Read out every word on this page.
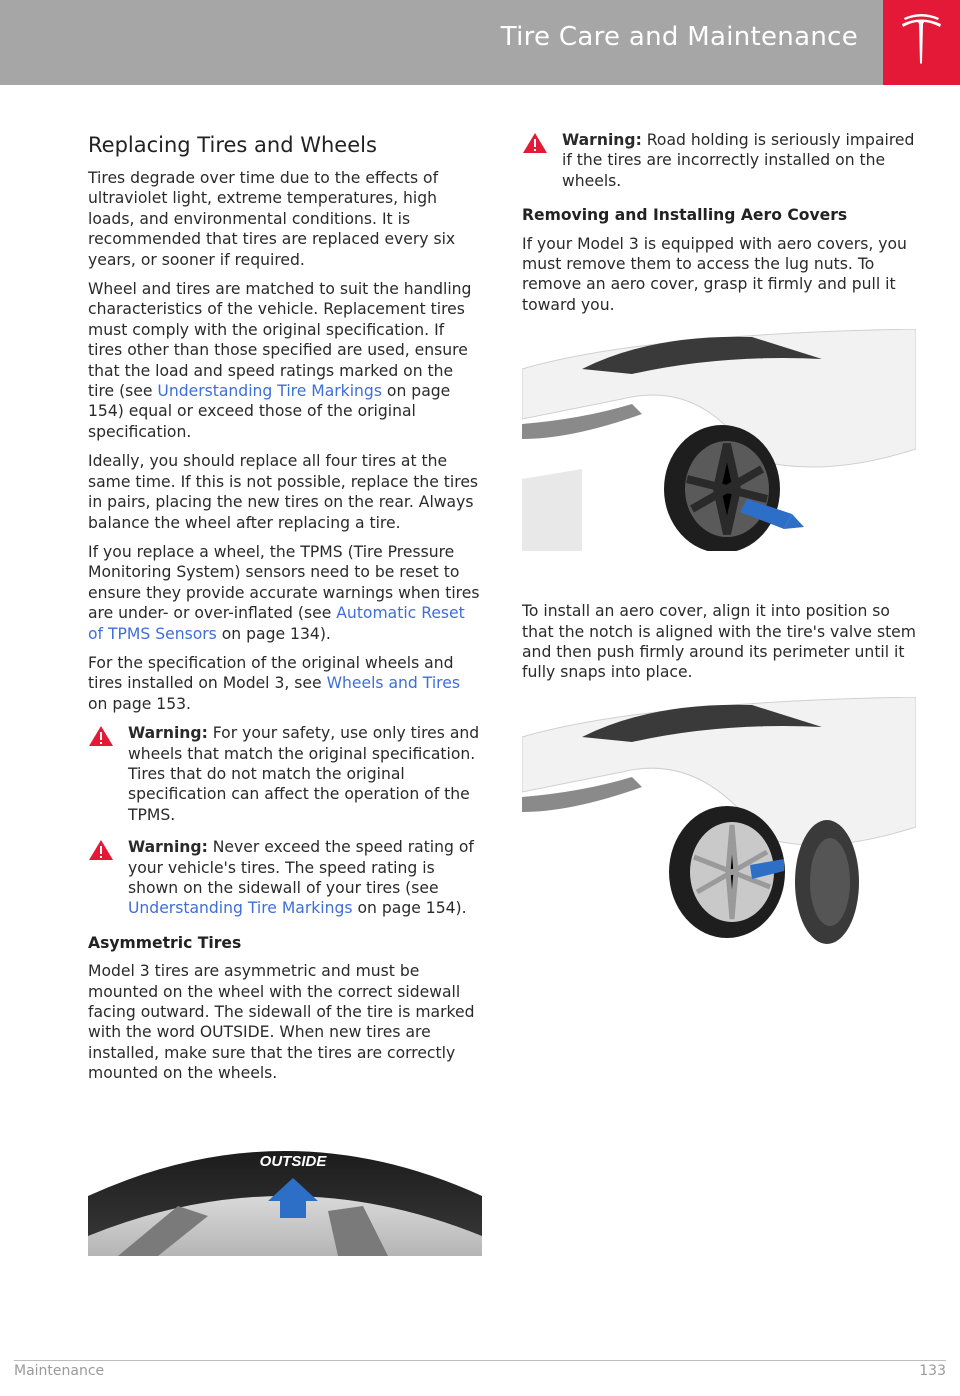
Tire Care and Maintenance
Replacing Tires and Wheels

Tires degrade over time due to the effects of ultraviolet light, extreme temperatures, high loads, and environmental conditions. It is recommended that tires are replaced every six years, or sooner if required.

Wheel and tires are matched to suit the handling characteristics of the vehicle. Replacement tires must comply with the original specification. If tires other than those specified are used, ensure that the load and speed ratings marked on the tire (see Understanding Tire Markings on page 154) equal or exceed those of the original specification.

Ideally, you should replace all four tires at the same time. If this is not possible, replace the tires in pairs, placing the new tires on the rear. Always balance the wheel after replacing a tire.

If you replace a wheel, the TPMS (Tire Pressure Monitoring System) sensors need to be reset to ensure they provide accurate warnings when tires are under- or over-inflated (see Automatic Reset of TPMS Sensors on page 134).

For the specification of the original wheels and tires installed on Model 3, see Wheels and Tires on page 153.

Warning: For your safety, use only tires and wheels that match the original specification. Tires that do not match the original specification can affect the operation of the TPMS.
Warning: Never exceed the speed rating of your vehicle's tires. The speed rating is shown on the sidewall of your tires (see Understanding Tire Markings on page 154).
Asymmetric Tires

Model 3 tires are asymmetric and must be mounted on the wheel with the correct sidewall facing outward. The sidewall of the tire is marked with the word OUTSIDE. When new tires are installed, make sure that the tires are correctly mounted on the wheels.

OUTSIDE
Warning: Road holding is seriously impaired if the tires are incorrectly installed on the wheels.
Removing and Installing Aero Covers

If your Model 3 is equipped with aero covers, you must remove them to access the lug nuts. To remove an aero cover, grasp it firmly and pull it toward you.

To install an aero cover, align it into position so that the notch is aligned with the tire's valve stem and then push firmly around its perimeter until it fully snaps into place.

Maintenance	133
